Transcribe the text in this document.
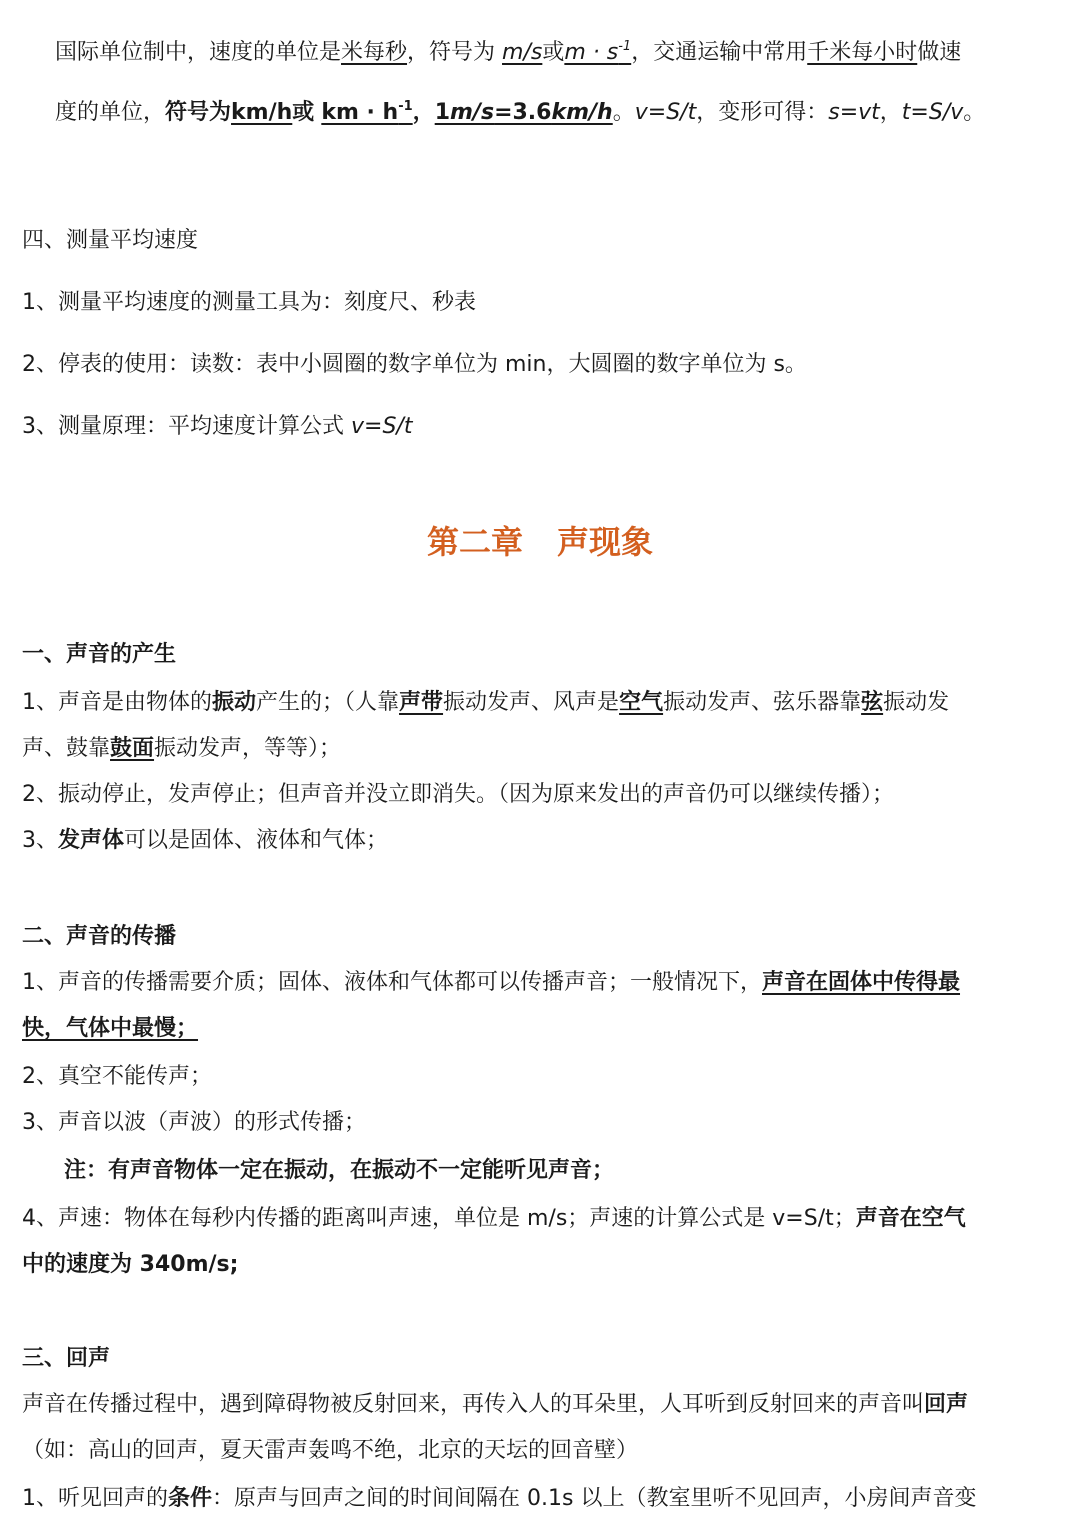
国际单位制中，速度的单位是米每秒，符号为 m/s或$m \cdot s^{-1}$，交通运输中常用千米每小时做速
度的单位，符号为km/h或 km · $h^{-1}$，1m/s=3.6km/h。v=S/t，变形可得：s=vt，t=S/v。
四、测量平均速度
1、测量平均速度的测量工具为：刻度尺、秒表
2、停表的使用：读数：表中小圆圈的数字单位为 min，大圆圈的数字单位为 s。
3、测量原理：平均速度计算公式 v=S/t
第二章 声现象
一、声音的产生
1、声音是由物体的振动产生的；（人靠声带振动发声、风声是空气振动发声、弦乐器靠弦振动发
声、鼓靠鼓面振动发声，等等）；
2、振动停止，发声停止；但声音并没立即消失。（因为原来发出的声音仍可以继续传播）；
3、发声体可以是固体、液体和气体；
二、声音的传播
1、声音的传播需要介质；固体、液体和气体都可以传播声音；一般情况下，声音在固体中传得最
快，气体中最慢；
2、真空不能传声；
3、声音以波（声波）的形式传播；
注：有声音物体一定在振动，在振动不一定能听见声音；
4、声速：物体在每秒内传播的距离叫声速，单位是 m/s；声速的计算公式是 v=S/t；声音在空气
中的速度为 340m/s;
三、回声
声音在传播过程中，遇到障碍物被反射回来，再传入人的耳朵里，人耳听到反射回来的声音叫回声
（如：高山的回声，夏天雷声轰鸣不绝，北京的天坛的回音壁）
1、听见回声的条件：原声与回声之间的时间间隔在 0.1s 以上（教室里听不见回声，小房间声音变
